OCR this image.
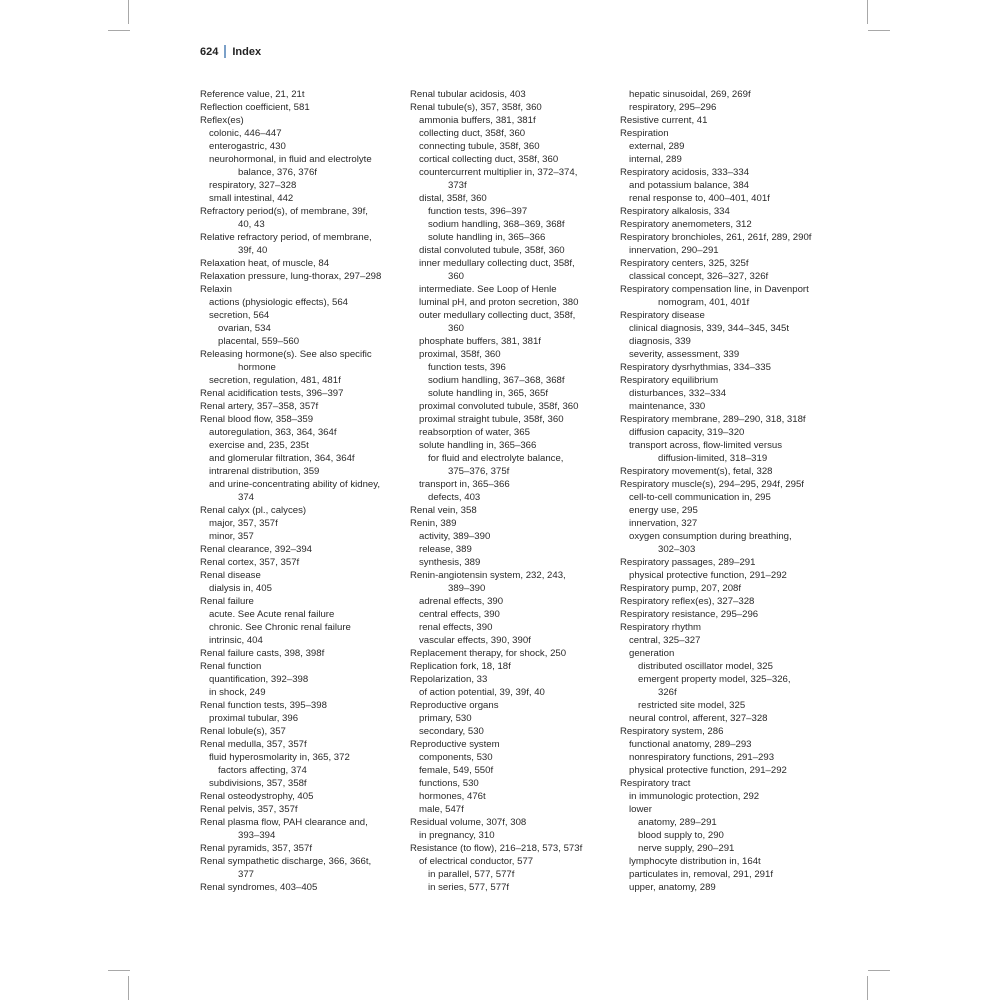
624 Index
Reference value, 21, 21t
Reflection coefficient, 581
Reflex(es)
colonic, 446–447
enterogastric, 430
neurohormonal, in fluid and electrolyte
balance, 376, 376f
respiratory, 327–328
small intestinal, 442
Refractory period(s), of membrane, 39f,
40, 43
Relative refractory period, of membrane,
39f, 40
Relaxation heat, of muscle, 84
Relaxation pressure, lung-thorax, 297–298
Relaxin
actions (physiologic effects), 564
secretion, 564
ovarian, 534
placental, 559–560
Releasing hormone(s). See also specific
hormone
secretion, regulation, 481, 481f
Renal acidification tests, 396–397
Renal artery, 357–358, 357f
Renal blood flow, 358–359
autoregulation, 363, 364, 364f
exercise and, 235, 235t
and glomerular filtration, 364, 364f
intrarenal distribution, 359
and urine-concentrating ability of kidney,
374
Renal calyx (pl., calyces)
major, 357, 357f
minor, 357
Renal clearance, 392–394
Renal cortex, 357, 357f
Renal disease
dialysis in, 405
Renal failure
acute. See Acute renal failure
chronic. See Chronic renal failure
intrinsic, 404
Renal failure casts, 398, 398f
Renal function
quantification, 392–398
in shock, 249
Renal function tests, 395–398
proximal tubular, 396
Renal lobule(s), 357
Renal medulla, 357, 357f
fluid hyperosmolarity in, 365, 372
factors affecting, 374
subdivisions, 357, 358f
Renal osteodystrophy, 405
Renal pelvis, 357, 357f
Renal plasma flow, PAH clearance and,
393–394
Renal pyramids, 357, 357f
Renal sympathetic discharge, 366, 366t,
377
Renal syndromes, 403–405
Renal tubular acidosis, 403
Renal tubule(s), 357, 358f, 360
ammonia buffers, 381, 381f
collecting duct, 358f, 360
connecting tubule, 358f, 360
cortical collecting duct, 358f, 360
countercurrent multiplier in, 372–374,
373f
distal, 358f, 360
function tests, 396–397
sodium handling, 368–369, 368f
solute handling in, 365–366
distal convoluted tubule, 358f, 360
inner medullary collecting duct, 358f,
360
intermediate. See Loop of Henle
luminal pH, and proton secretion, 380
outer medullary collecting duct, 358f,
360
phosphate buffers, 381, 381f
proximal, 358f, 360
function tests, 396
sodium handling, 367–368, 368f
solute handling in, 365, 365f
proximal convoluted tubule, 358f, 360
proximal straight tubule, 358f, 360
reabsorption of water, 365
solute handling in, 365–366
for fluid and electrolyte balance,
375–376, 375f
transport in, 365–366
defects, 403
Renal vein, 358
Renin, 389
activity, 389–390
release, 389
synthesis, 389
Renin-angiotensin system, 232, 243,
389–390
adrenal effects, 390
central effects, 390
renal effects, 390
vascular effects, 390, 390f
Replacement therapy, for shock, 250
Replication fork, 18, 18f
Repolarization, 33
of action potential, 39, 39f, 40
Reproductive organs
primary, 530
secondary, 530
Reproductive system
components, 530
female, 549, 550f
functions, 530
hormones, 476t
male, 547f
Residual volume, 307f, 308
in pregnancy, 310
Resistance (to flow), 216–218, 573, 573f
of electrical conductor, 577
in parallel, 577, 577f
in series, 577, 577f
hepatic sinusoidal, 269, 269f
respiratory, 295–296
Resistive current, 41
Respiration
external, 289
internal, 289
Respiratory acidosis, 333–334
and potassium balance, 384
renal response to, 400–401, 401f
Respiratory alkalosis, 334
Respiratory anemometers, 312
Respiratory bronchioles, 261, 261f, 289, 290f
innervation, 290–291
Respiratory centers, 325, 325f
classical concept, 326–327, 326f
Respiratory compensation line, in Davenport
nomogram, 401, 401f
Respiratory disease
clinical diagnosis, 339, 344–345, 345t
diagnosis, 339
severity, assessment, 339
Respiratory dysrhythmias, 334–335
Respiratory equilibrium
disturbances, 332–334
maintenance, 330
Respiratory membrane, 289–290, 318, 318f
diffusion capacity, 319–320
transport across, flow-limited versus
diffusion-limited, 318–319
Respiratory movement(s), fetal, 328
Respiratory muscle(s), 294–295, 294f, 295f
cell-to-cell communication in, 295
energy use, 295
innervation, 327
oxygen consumption during breathing,
302–303
Respiratory passages, 289–291
physical protective function, 291–292
Respiratory pump, 207, 208f
Respiratory reflex(es), 327–328
Respiratory resistance, 295–296
Respiratory rhythm
central, 325–327
generation
distributed oscillator model, 325
emergent property model, 325–326,
326f
restricted site model, 325
neural control, afferent, 327–328
Respiratory system, 286
functional anatomy, 289–293
nonrespiratory functions, 291–293
physical protective function, 291–292
Respiratory tract
in immunologic protection, 292
lower
anatomy, 289–291
blood supply to, 290
nerve supply, 290–291
lymphocyte distribution in, 164t
particulates in, removal, 291, 291f
upper, anatomy, 289
